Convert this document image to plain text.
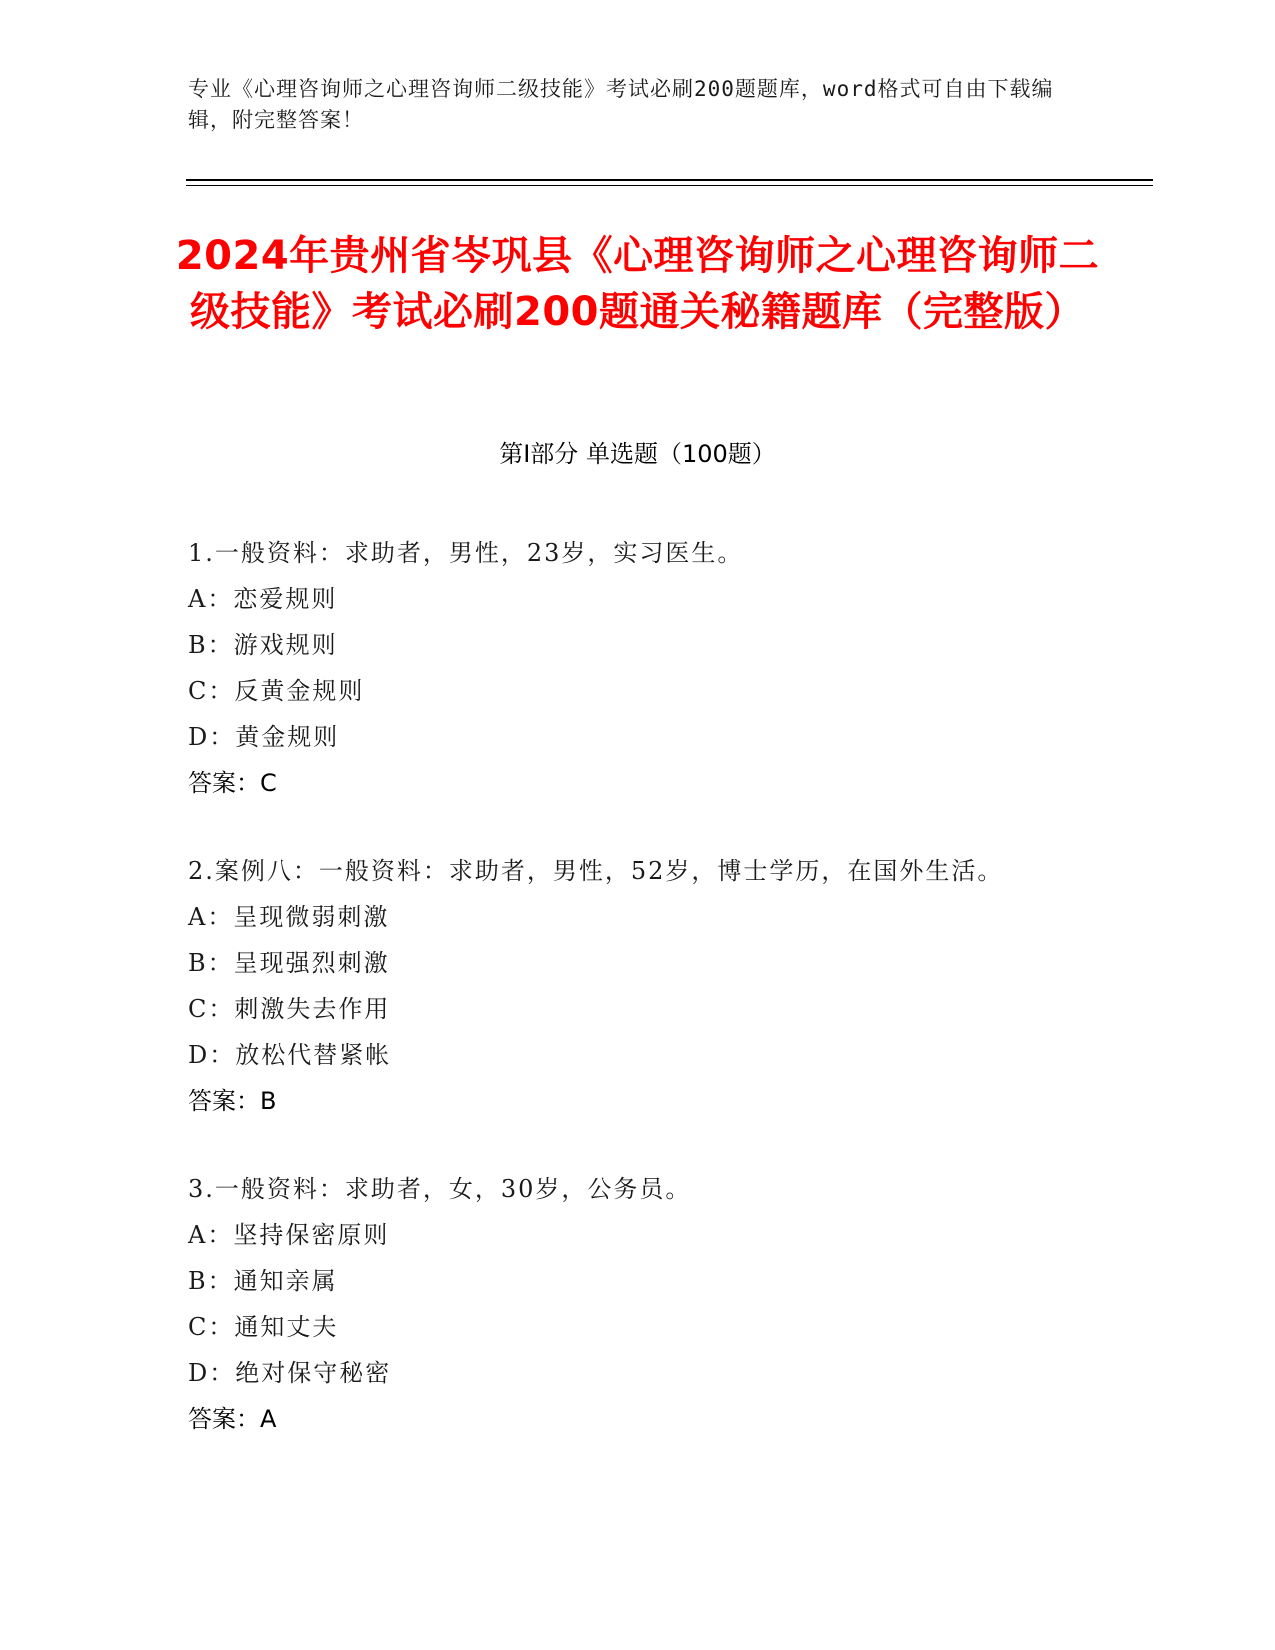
专业《心理咨询师之心理咨询师二级技能》考试必刷200题题库，word格式可自由下载编辑，附完整答案！
2024年贵州省岑巩县《心理咨询师之心理咨询师二级技能》考试必刷200题通关秘籍题库（完整版）
第Ⅰ部分 单选题（100题）
1.一般资料：求助者，男性，23岁，实习医生。
A：恋爱规则
B：游戏规则
C：反黄金规则
D：黄金规则
答案：C
2.案例八：一般资料：求助者，男性，52岁，博士学历，在国外生活。
A：呈现微弱刺激
B：呈现强烈刺激
C：刺激失去作用
D：放松代替紧帐
答案：B
3.一般资料：求助者，女，30岁，公务员。
A：坚持保密原则
B：通知亲属
C：通知丈夫
D：绝对保守秘密
答案：A
